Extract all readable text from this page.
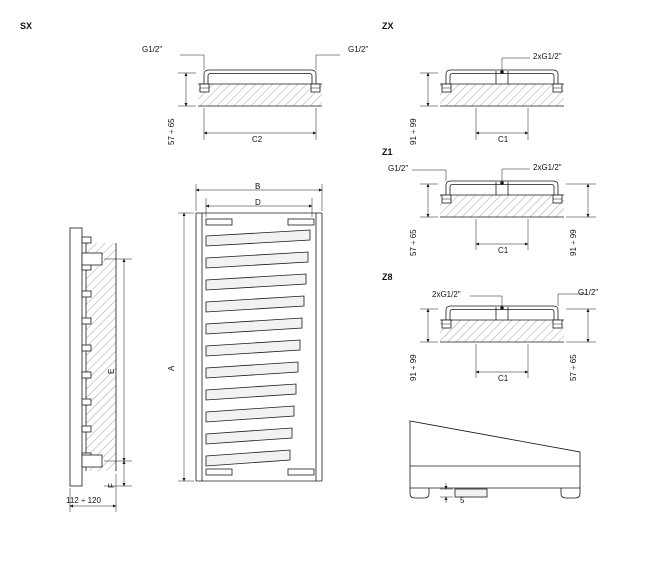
SX	ZX
Z1
Z8
G1/2"	G1/2"
57 ÷ 65	C2
2xG1/2"
91 ÷ 99	C1
G1/2"	2xG1/2"
57 ÷ 65	91 ÷ 99
C1
2xG1/2"	G1/2"
91 ÷ 99	57 ÷ 65
C1
B
D
A
E
F
112 ÷ 120	5
